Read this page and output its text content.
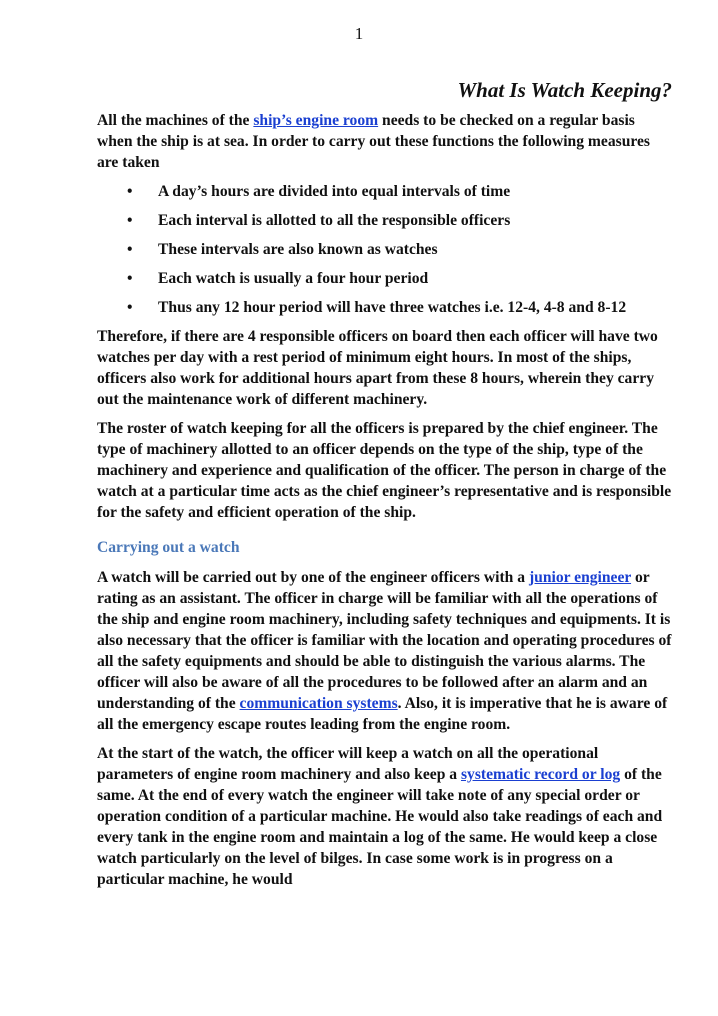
1
What Is Watch Keeping?

All the machines of the ship’s engine room needs to be checked on a regular basis when the ship is at sea. In order to carry out these functions the following measures are taken

• A day’s hours are divided into equal intervals of time
• Each interval is allotted to all the responsible officers
• These intervals are also known as watches
• Each watch is usually a four hour period
• Thus any 12 hour period will have three watches i.e. 12-4, 4-8 and 8-12

Therefore, if there are 4 responsible officers on board then each officer will have two watches per day with a rest period of minimum eight hours. In most of the ships, officers also work for additional hours apart from these 8 hours, wherein they carry out the maintenance work of different machinery.

The roster of watch keeping for all the officers is prepared by the chief engineer. The type of machinery allotted to an officer depends on the type of the ship, type of the machinery and experience and qualification of the officer. The person in charge of the watch at a particular time acts as the chief engineer’s representative and is responsible for the safety and efficient operation of the ship.

Carrying out a watch

A watch will be carried out by one of the engineer officers with a junior engineer or rating as an assistant. The officer in charge will be familiar with all the operations of the ship and engine room machinery, including safety techniques and equipments. It is also necessary that the officer is familiar with the location and operating procedures of all the safety equipments and should be able to distinguish the various alarms. The officer will also be aware of all the procedures to be followed after an alarm and an understanding of the communication systems. Also, it is imperative that he is aware of all the emergency escape routes leading from the engine room.

At the start of the watch, the officer will keep a watch on all the operational parameters of engine room machinery and also keep a systematic record or log of the same. At the end of every watch the engineer will take note of any special order or operation condition of a particular machine. He would also take readings of each and every tank in the engine room and maintain a log of the same. He would keep a close watch particularly on the level of bilges. In case some work is in progress on a particular machine, he would
